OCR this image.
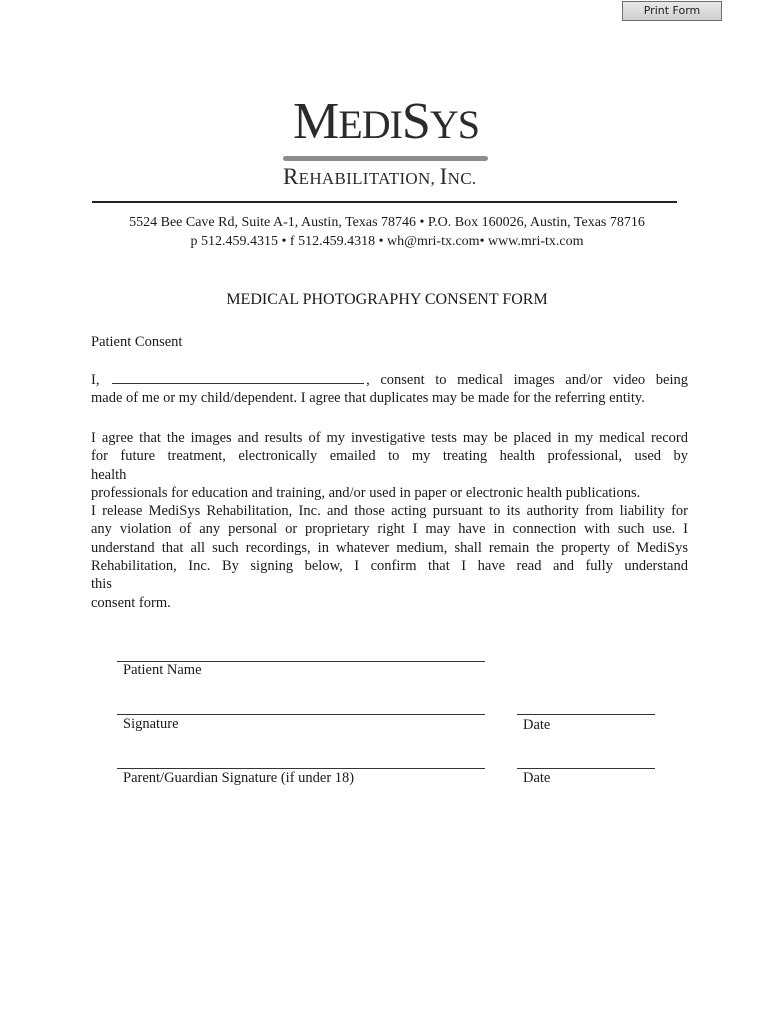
Print Form
MEDISYS
REHABILITATION, INC.
5524 Bee Cave Rd, Suite A-1, Austin, Texas 78746 • P.O. Box 160026, Austin, Texas 78716
p 512.459.4315 • f 512.459.4318 • wh@mri-tx.com• www.mri-tx.com
MEDICAL PHOTOGRAPHY CONSENT FORM
Patient Consent
I,	, consent to medical images and/or video being
made of me or my child/dependent. I agree that duplicates may be made for the referring entity.
I agree that the images and results of my investigative tests may be placed in my medical record
for future treatment, electronically emailed to my treating health professional, used by
health
professionals for education and training, and/or used in paper or electronic health publications.
I release MediSys Rehabilitation, Inc. and those acting pursuant to its authority from liability for
any violation of any personal or proprietary right I may have in connection with such use. I
understand that all such recordings, in whatever medium, shall remain the property of MediSys
Rehabilitation, Inc. By signing below, I confirm that I have read and fully understand
this
consent form.
Patient Name
Signature	Date
Parent/Guardian Signature (if under 18)	Date
